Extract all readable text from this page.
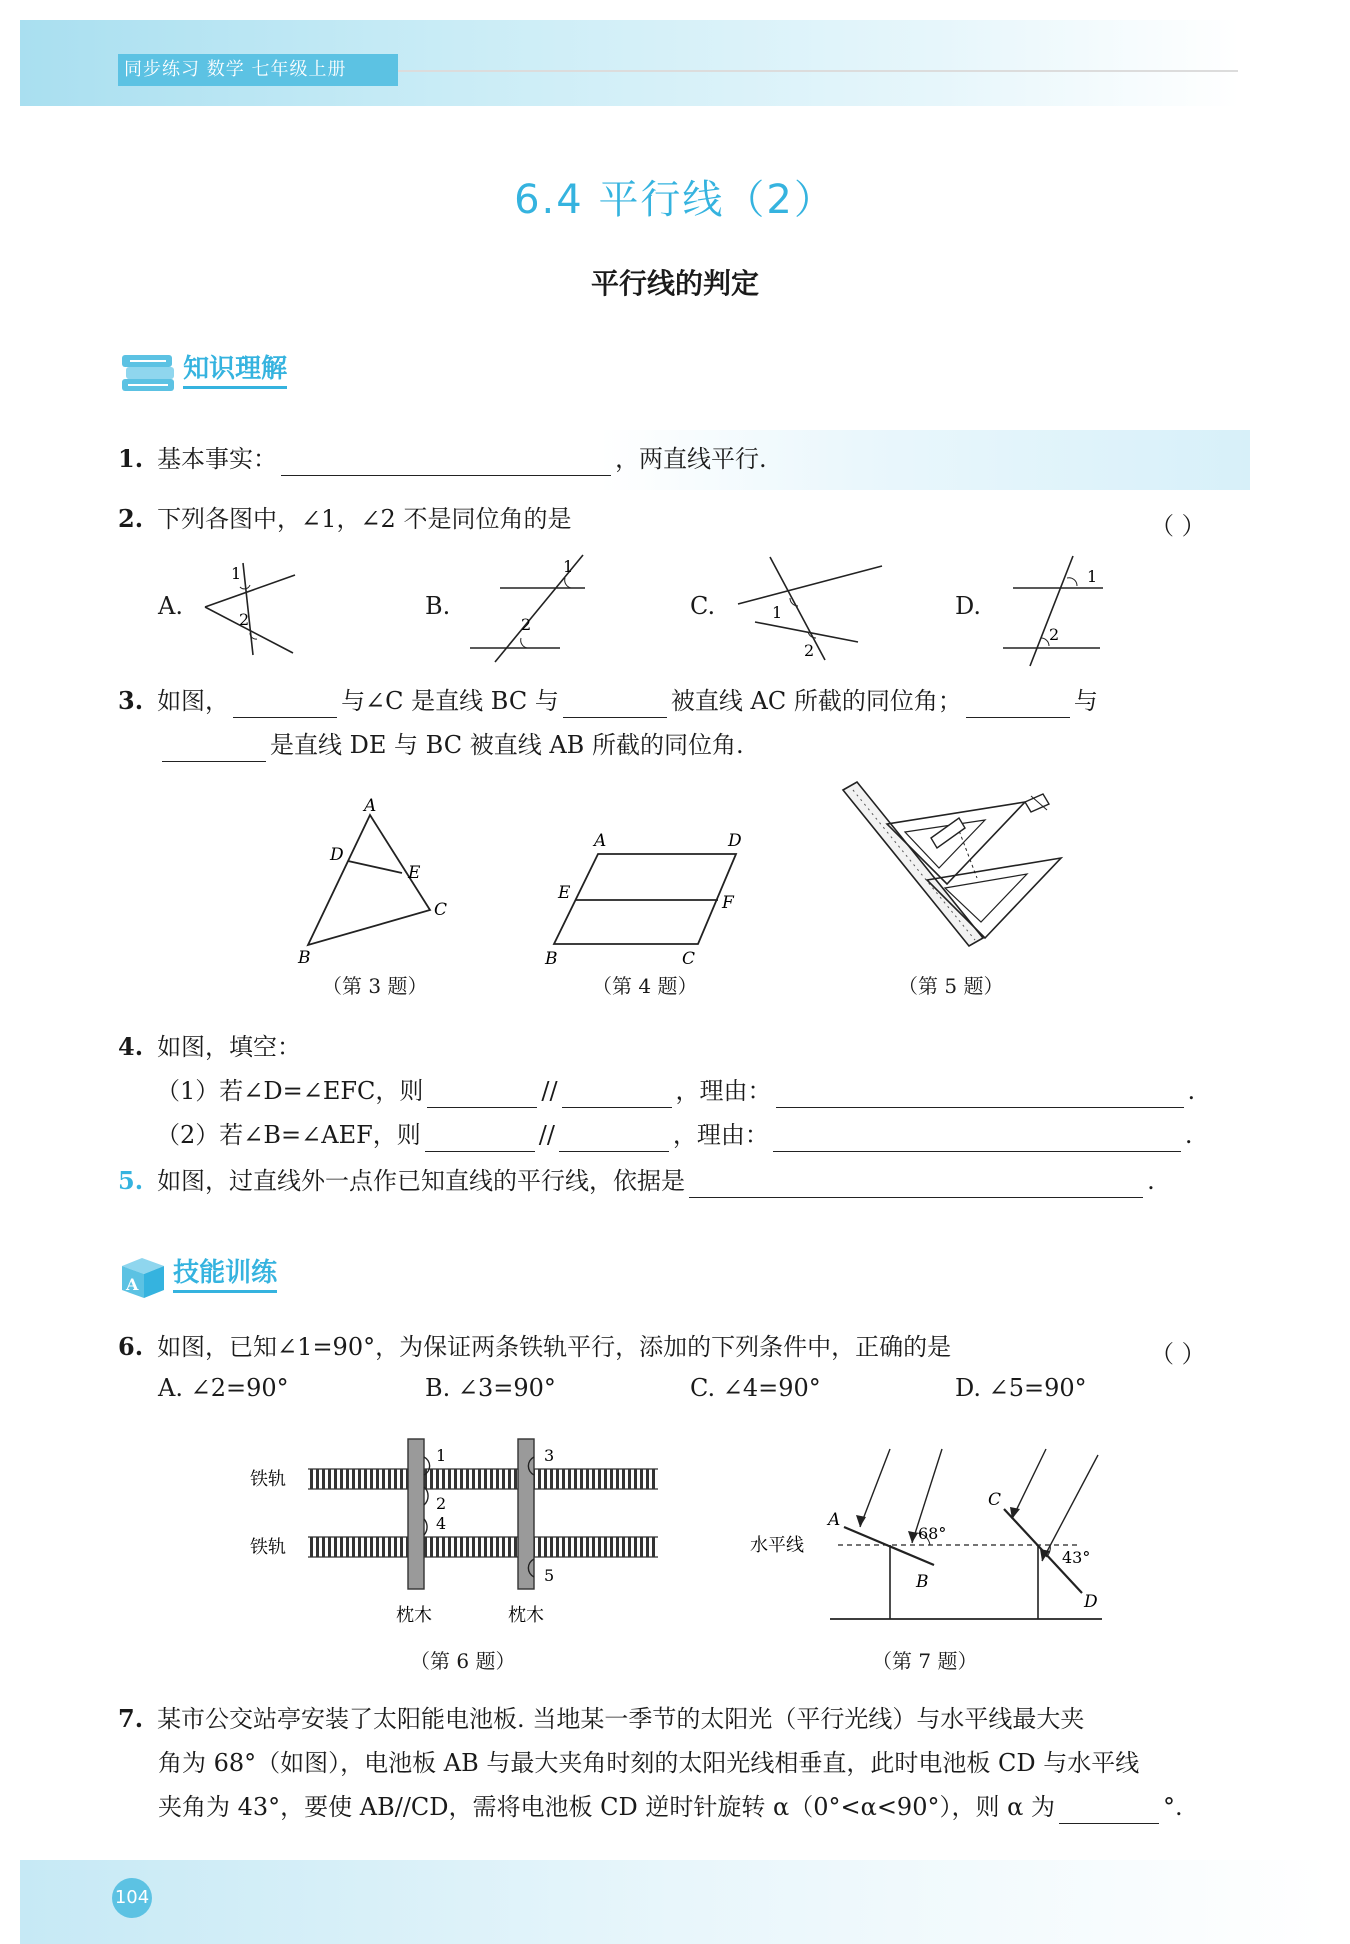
同步练习 数学 七年级上册
6.4 平行线（2）
平行线的判定
知识理解
1. 基本事实：	，两直线平行.
2. 下列各图中，∠1，∠2 不是同位角的是	（ ）
A.	B.	C.	D.
1
2
1
2
1
2
1
2
3. 如图，	与∠C 是直线 BC 与	被直线 AC 所截的同位角；	与
是直线 DE 与 BC 被直线 AB 所截的同位角.
A
D
E
C
B
（第 3 题）
A	D
E	F
B	C
（第 4 题）	（第 5 题）
4. 如图，填空：
（1）若∠D=∠EFC，则	//	，理由：	.
（2）若∠B=∠AEF，则	//	，理由：	.
5. 如图，过直线外一点作已知直线的平行线，依据是	.
A 技能训练
6. 如图，已知∠1=90°，为保证两条铁轨平行，添加的下列条件中，正确的是	（ ）
A. ∠2=90°	B. ∠3=90°	C. ∠4=90°	D. ∠5=90°
铁轨
铁轨
1
2
4
3
5
枕木	枕木
（第 6 题）
水平线
A
B
C
D
68°
43°
（第 7 题）
7. 某市公交站亭安装了太阳能电池板. 当地某一季节的太阳光（平行光线）与水平线最大夹
角为 68°（如图），电池板 AB 与最大夹角时刻的太阳光线相垂直，此时电池板 CD 与水平线
夹角为 43°，要使 AB//CD，需将电池板 CD 逆时针旋转 α（0°<α<90°），则 α 为	°.
104
